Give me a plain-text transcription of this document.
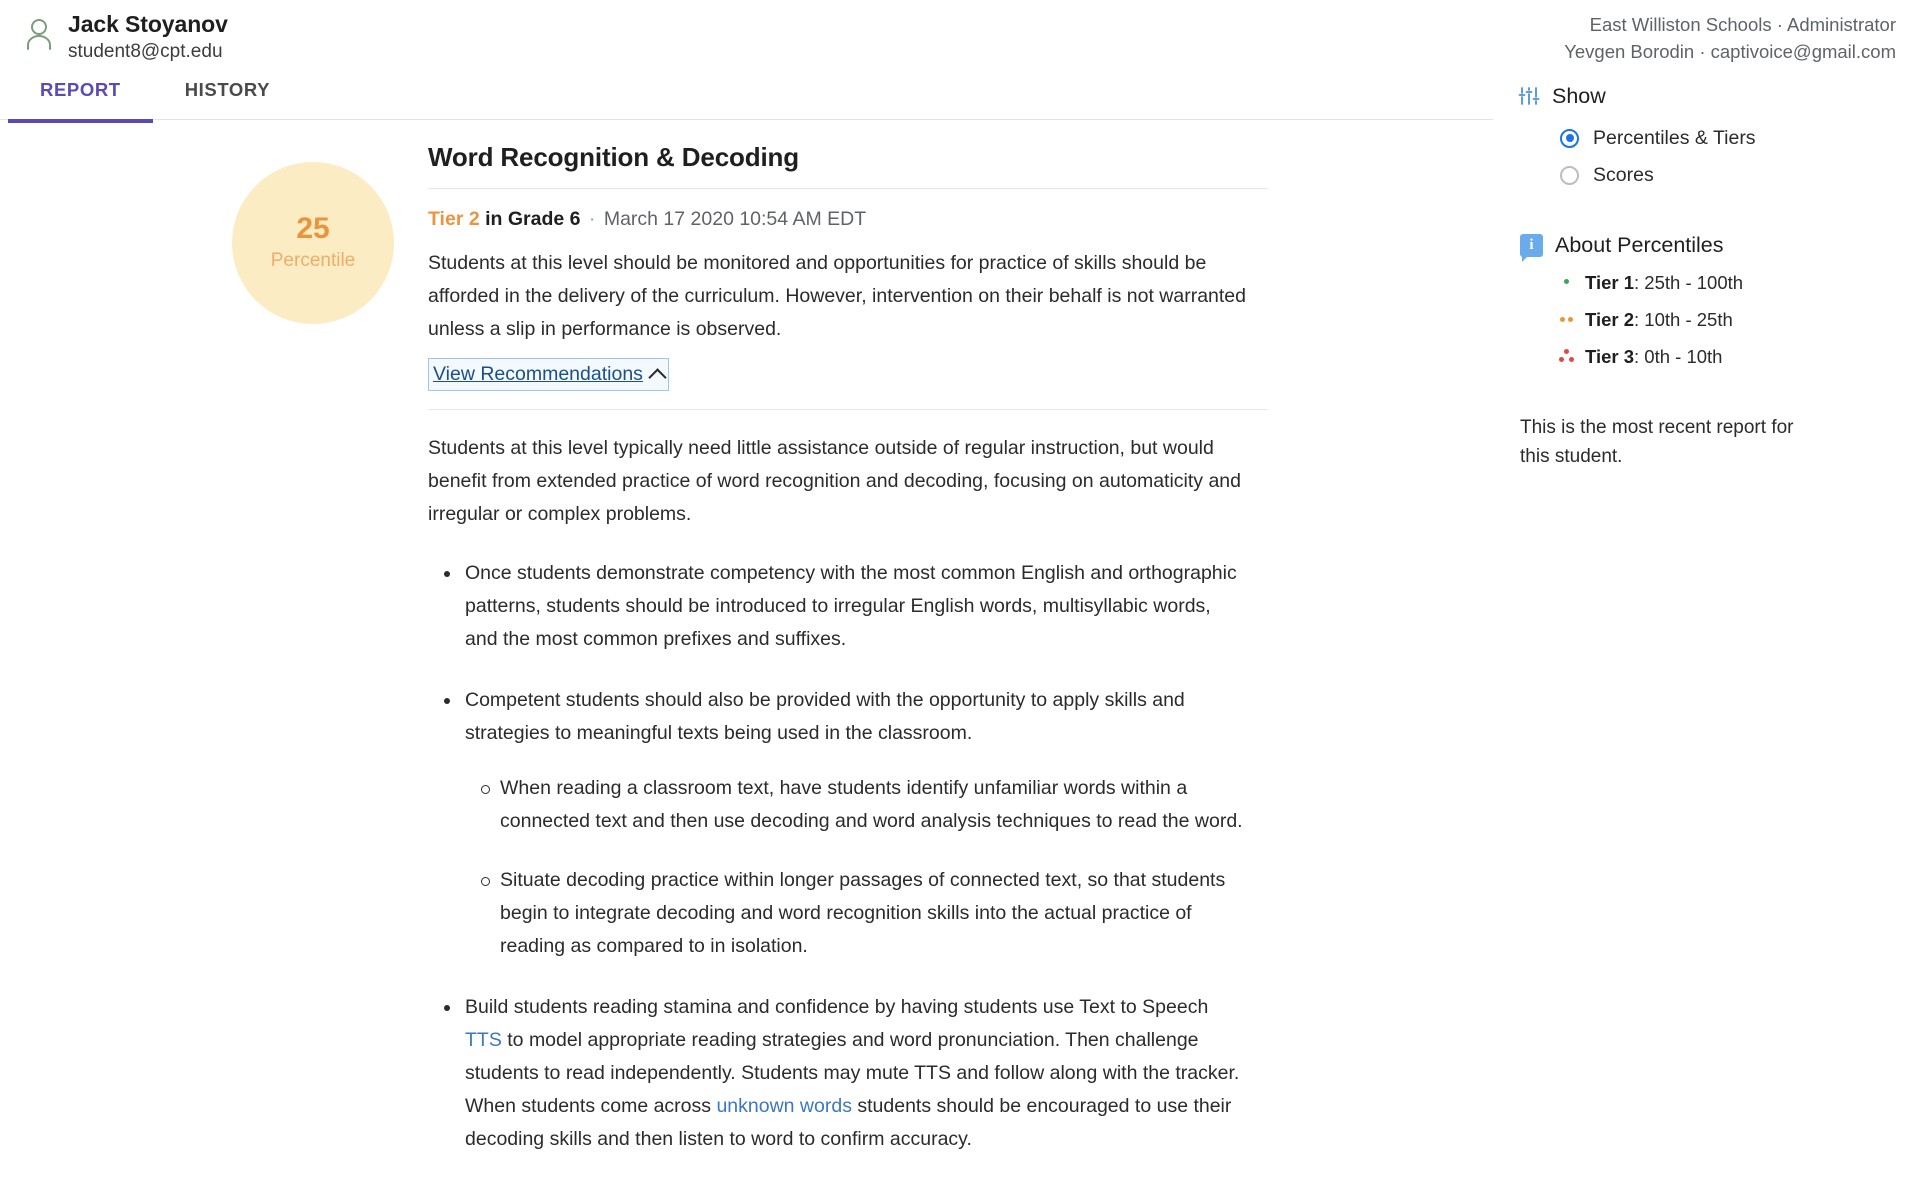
Jack Stoyanov
student8@cpt.edu
East Williston Schools · Administrator
Yevgen Borodin · captivoice@gmail.com
REPORT	HISTORY
25
Percentile
Word Recognition & Decoding
Tier 2 in Grade 6 · March 17 2020 10:54 AM EDT

Students at this level should be monitored and opportunities for practice of skills should be afforded in the delivery of the curriculum. However, intervention on their behalf is not warranted unless a slip in performance is observed.

View Recommendations

Students at this level typically need little assistance outside of regular instruction, but would benefit from extended practice of word recognition and decoding, focusing on automaticity and irregular or complex problems.

Once students demonstrate competency with the most common English and orthographic patterns, students should be introduced to irregular English words, multisyllabic words, and the most common prefixes and suffixes.
Competent students should also be provided with the opportunity to apply skills and strategies to meaningful texts being used in the classroom.
When reading a classroom text, have students identify unfamiliar words within a connected text and then use decoding and word analysis techniques to read the word.
Situate decoding practice within longer passages of connected text, so that students begin to integrate decoding and word recognition skills into the actual practice of reading as compared to in isolation.
Build students reading stamina and confidence by having students use Text to Speech TTS to model appropriate reading strategies and word pronunciation. Then challenge students to read independently. Students may mute TTS and follow along with the tracker. When students come across unknown words students should be encouraged to use their decoding skills and then listen to word to confirm accuracy.
Show
Percentiles & Tiers
Scores
i About Percentiles
Tier 1: 25th - 100th
Tier 2: 10th - 25th
Tier 3: 0th - 10th
This is the most recent report for this student.
